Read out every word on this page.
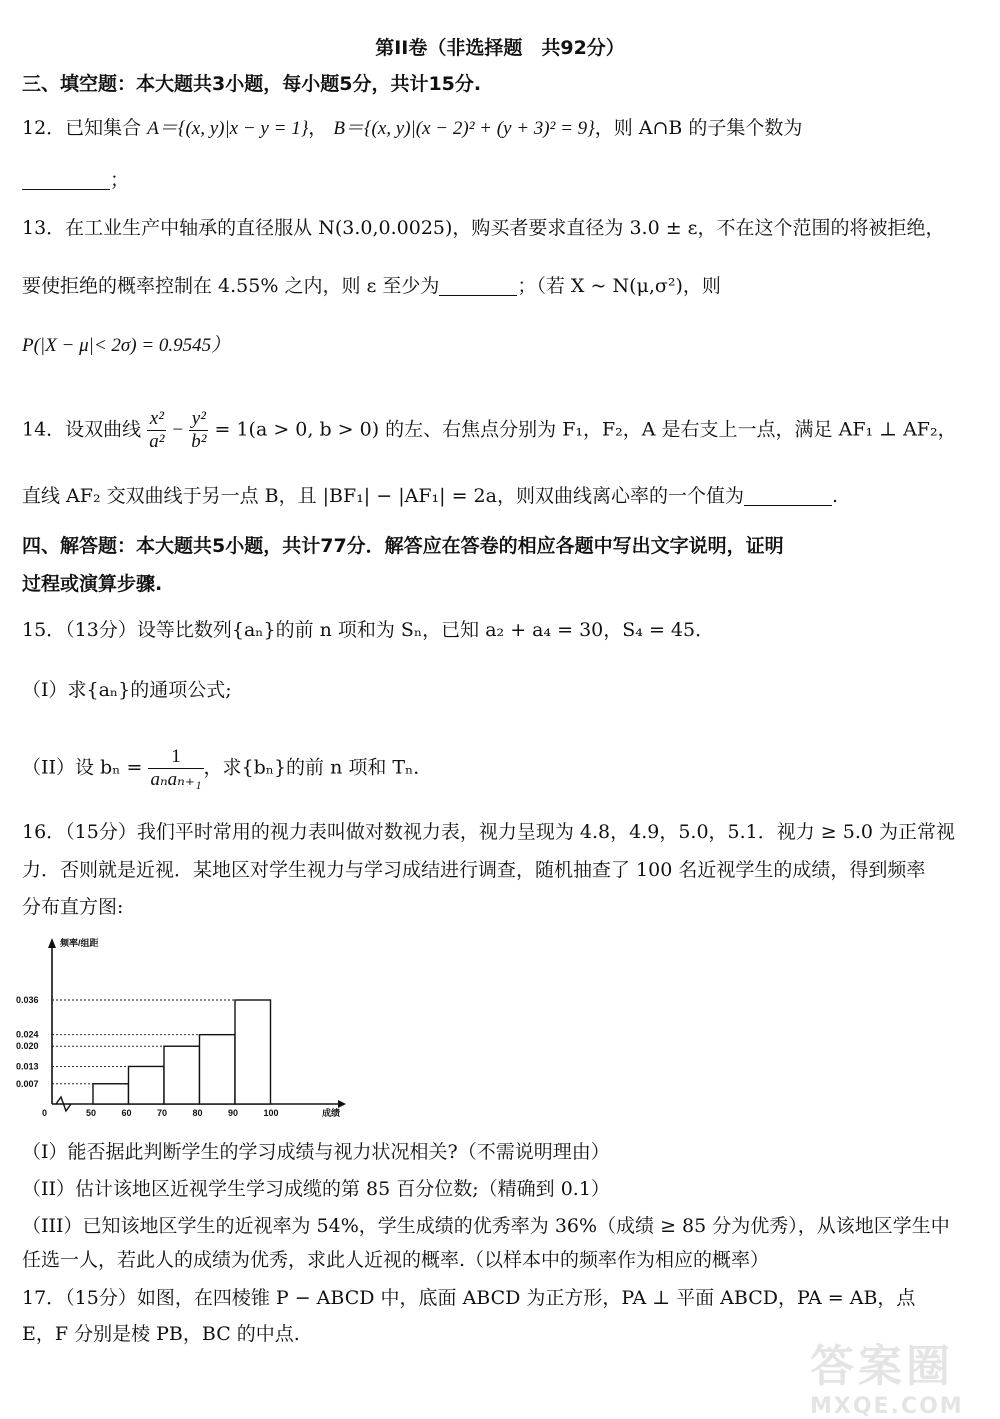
第II卷（非选择题　共92分）
三、填空题：本大题共3小题，每小题5分，共计15分.
12．已知集合 A＝{(x, y)|x − y = 1}， B＝{(x, y)|(x − 2)² + (y + 3)² = 9}，则 A∩B 的子集个数为
；
13．在工业生产中轴承的直径服从 N(3.0,0.0025)，购买者要求直径为 3.0 ± ε，不在这个范围的将被拒绝，
要使拒绝的概率控制在 4.55% 之内，则 ε 至少为	；（若 X ~ N(μ,σ²)，则
P(|X − μ|< 2σ) = 0.9545）
14．设双曲线 $\frac{\text{x²}}{\text{a²}} - \frac{\text{y²}}{\text{b²}} = 1(a > 0$, b > 0) 的左、右焦点分别为 F₁，F₂，A 是右支上一点，满足 AF₁ ⊥ AF₂，
直线 AF₂ 交双曲线于另一点 B，且 |BF₁| − |AF₁| = 2a，则双曲线离心率的一个值为	.
四、解答题：本大题共5小题，共计77分．解答应在答卷的相应各题中写出文字说明，证明
过程或演算步骤.
15．（13分）设等比数列{aₙ}的前 n 项和为 Sₙ，已知 a₂ + a₄ = 30，S₄ = 45．
（I）求{aₙ}的通项公式;
（II）设 $b_n = \frac{1}{\text{aₙaₙ₊₁}}$ ，求{bₙ}的前 n 项和 Tₙ．
16．（15分）我们平时常用的视力表叫做对数视力表，视力呈现为 4.8，4.9，5.0，5.1．视力 ≥ 5.0 为正常视
力．否则就是近视．某地区对学生视力与学习成结进行调查，随机抽查了 100 名近视学生的成绩，得到频率
分布直方图:
频率/组距
成绩
0	50	60	70	80	90	100
0.007
0.013
0.020
0.024
0.036
（I）能否据此判断学生的学习成绩与视力状况相关?（不需说明理由）
（II）估计该地区近视学生学习成缆的第 85 百分位数;（精确到 0.1）
（III）已知该地区学生的近视率为 54%，学生成绩的优秀率为 36%（成绩 ≥ 85 分为优秀），从该地区学生中
任选一人，若此人的成绩为优秀，求此人近视的概率.（以样本中的频率作为相应的概率）
17．（15分）如图，在四棱锥 P − ABCD 中，底面 ABCD 为正方形，PA ⊥ 平面 ABCD，PA = AB，点
E，F 分别是棱 PB，BC 的中点.
答案圈
MXQE.COM
